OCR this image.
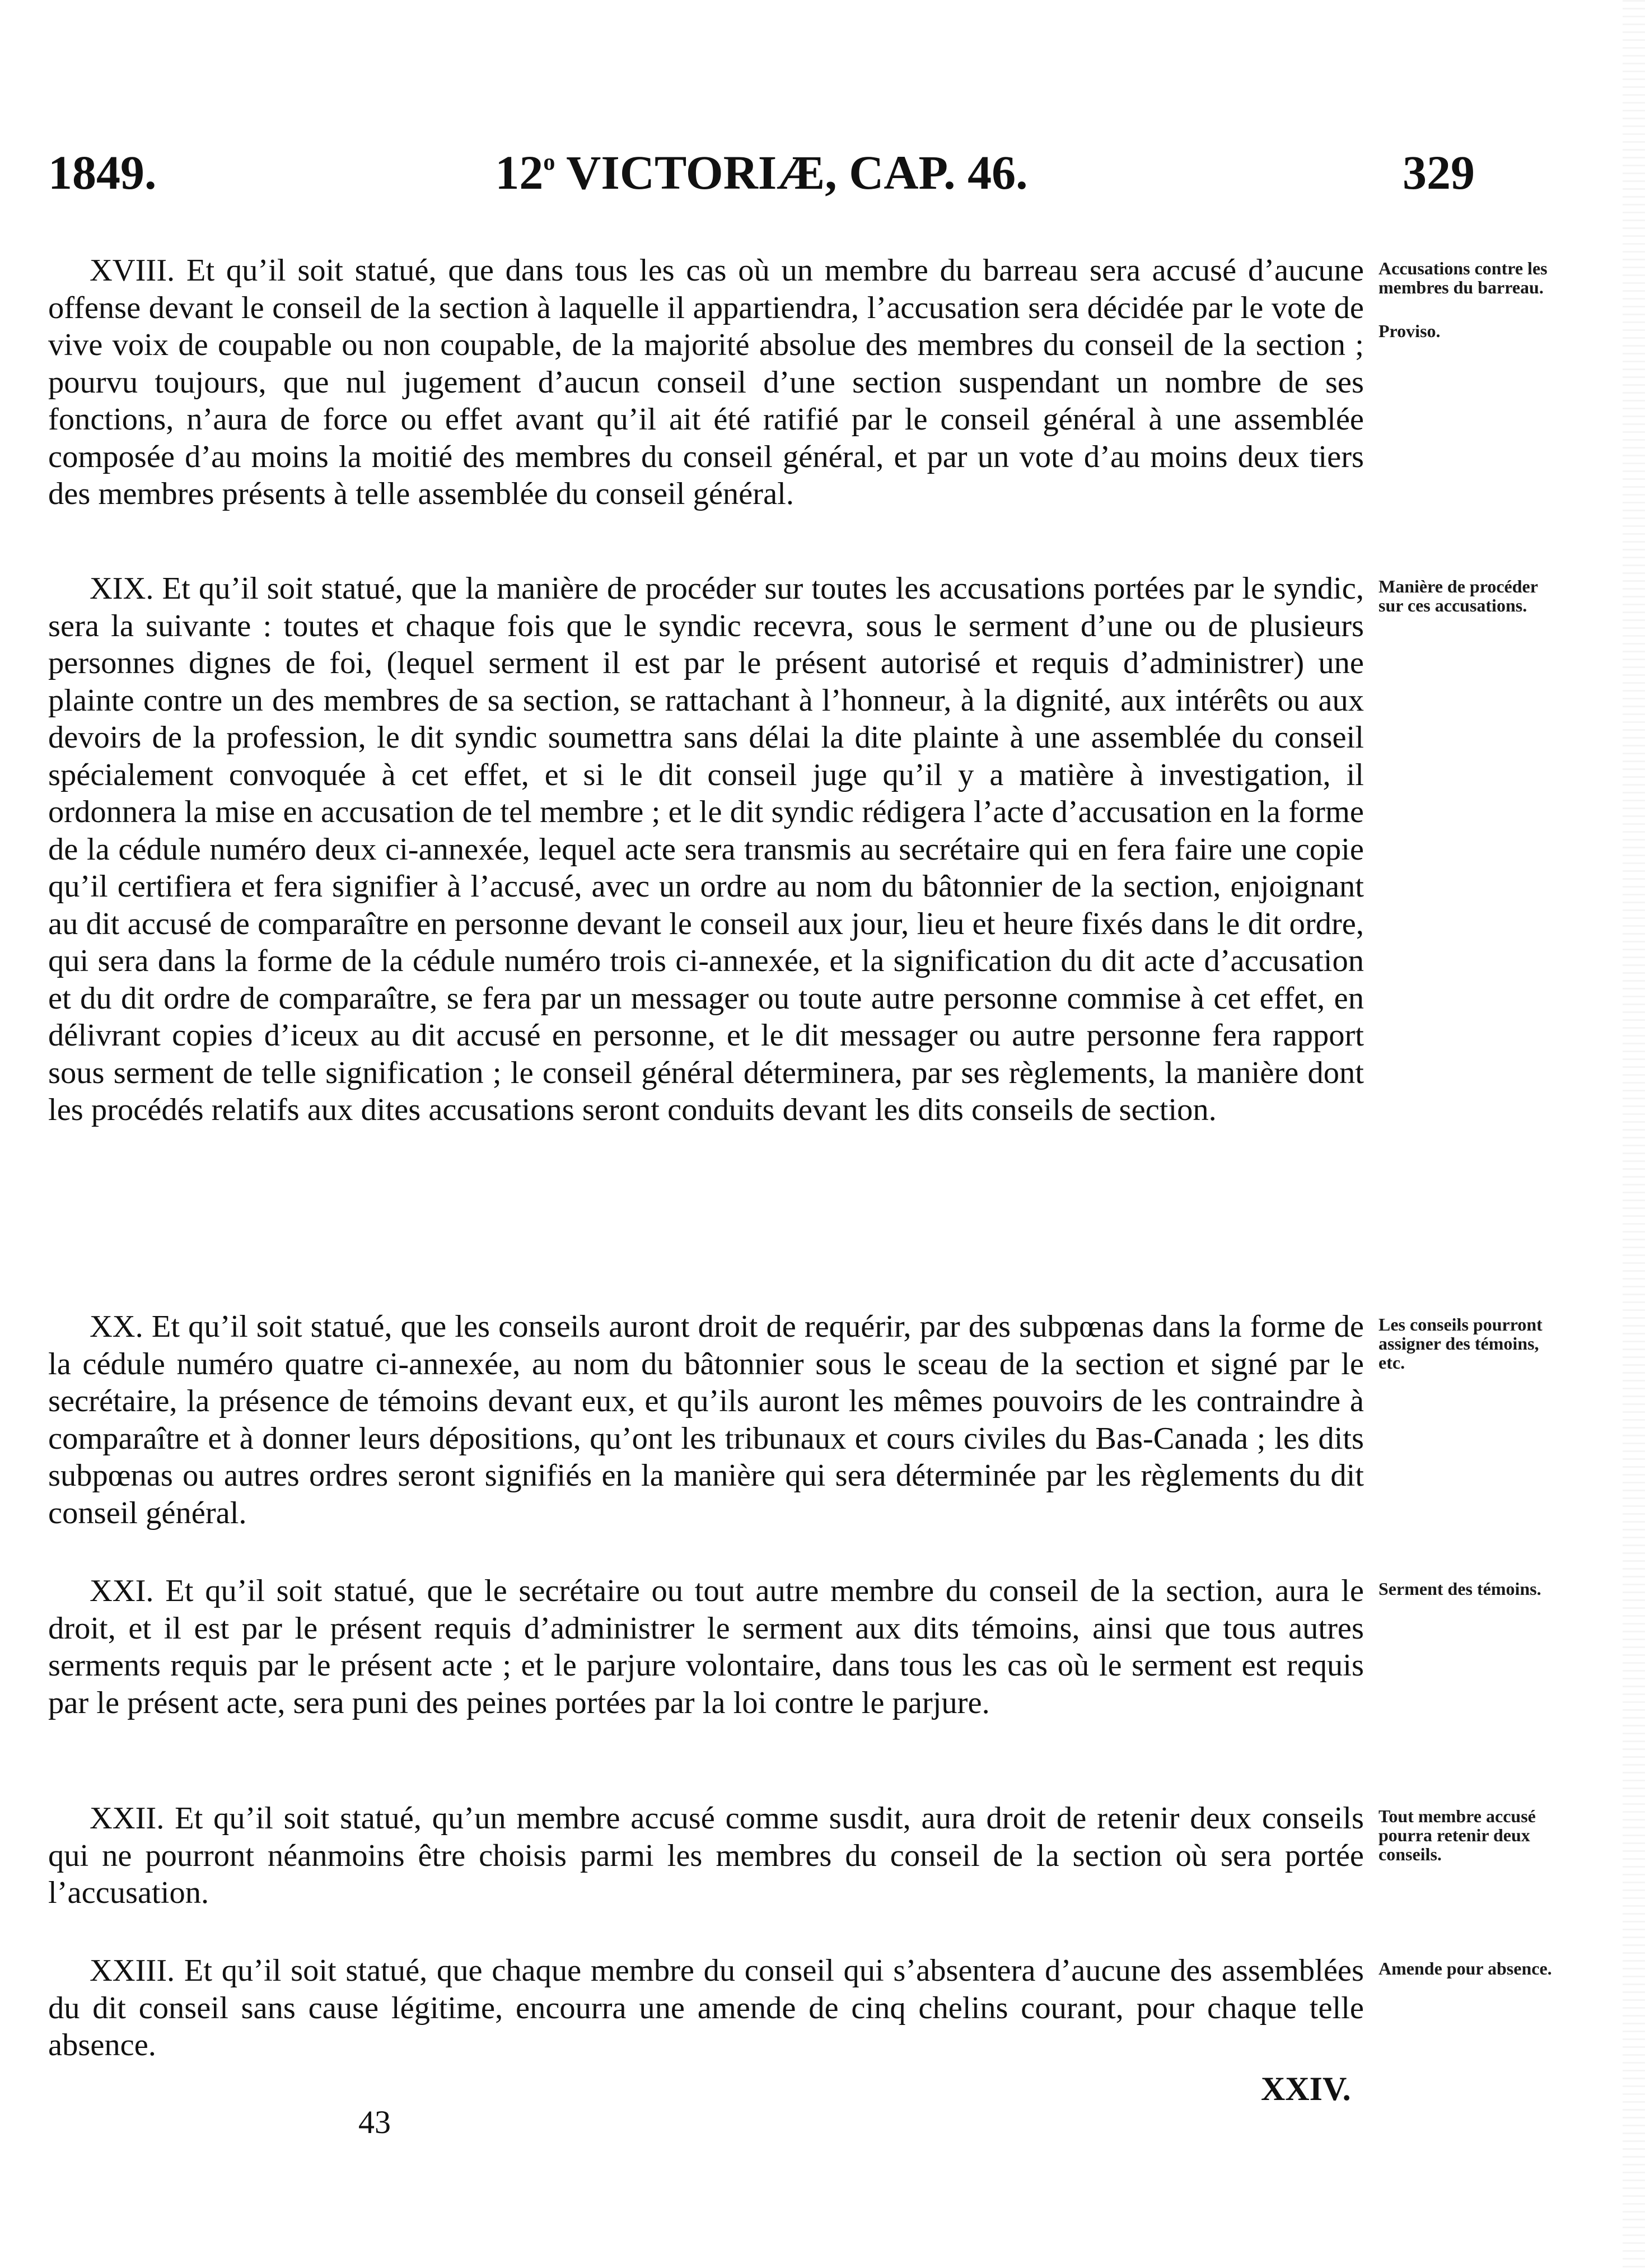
1849.	12$^o$ VICTORIÆ, CAP. 46.	329

XVIII. Et qu’il soit statué, que dans tous les cas où un membre du barreau sera accusé d’aucune offense devant le conseil de la section à laquelle il appartiendra, l’accusation sera décidée par le vote de vive voix de coupable ou non coupable, de la majorité absolue des membres du conseil de la section ; pourvu toujours, que nul jugement d’aucun conseil d’une section suspendant un nombre de ses fonctions, n’aura de force ou effet avant qu’il ait été ratifié par le conseil général à une assemblée composée d’au moins la moitié des membres du conseil général, et par un vote d’au moins deux tiers des membres présents à telle assemblée du conseil général.

Accusations contre les membres du barreau.

Proviso.

XIX. Et qu’il soit statué, que la manière de procéder sur toutes les accusations portées par le syndic, sera la suivante : toutes et chaque fois que le syndic recevra, sous le serment d’une ou de plusieurs personnes dignes de foi, (lequel serment il est par le présent autorisé et requis d’administrer) une plainte contre un des membres de sa section, se rattachant à l’honneur, à la dignité, aux intérêts ou aux devoirs de la profession, le dit syndic soumettra sans délai la dite plainte à une assemblée du conseil spécialement convoquée à cet effet, et si le dit conseil juge qu’il y a matière à investigation, il ordonnera la mise en accusation de tel membre ; et le dit syndic rédigera l’acte d’accusation en la forme de la cédule numéro deux ci-annexée, lequel acte sera transmis au secrétaire qui en fera faire une copie qu’il certifiera et fera signifier à l’accusé, avec un ordre au nom du bâtonnier de la section, enjoignant au dit accusé de comparaître en personne devant le conseil aux jour, lieu et heure fixés dans le dit ordre, qui sera dans la forme de la cédule numéro trois ci-annexée, et la signification du dit acte d’accusation et du dit ordre de comparaître, se fera par un messager ou toute autre personne commise à cet effet, en délivrant copies d’iceux au dit accusé en personne, et le dit messager ou autre personne fera rapport sous serment de telle signification ; le conseil général déterminera, par ses règlements, la manière dont les procédés relatifs aux dites accusations seront conduits devant les dits conseils de section.

Manière de procéder sur ces accusations.

XX. Et qu’il soit statué, que les conseils auront droit de requérir, par des subpœnas dans la forme de la cédule numéro quatre ci-annexée, au nom du bâtonnier sous le sceau de la section et signé par le secrétaire, la présence de témoins devant eux, et qu’ils auront les mêmes pouvoirs de les contraindre à comparaître et à donner leurs dépositions, qu’ont les tribunaux et cours civiles du Bas-Canada ; les dits subpœnas ou autres ordres seront signifiés en la manière qui sera déterminée par les règlements du dit conseil général.

Les conseils pourront assigner des témoins, etc.

XXI. Et qu’il soit statué, que le secrétaire ou tout autre membre du conseil de la section, aura le droit, et il est par le présent requis d’administrer le serment aux dits témoins, ainsi que tous autres serments requis par le présent acte ; et le parjure volontaire, dans tous les cas où le serment est requis par le présent acte, sera puni des peines portées par la loi contre le parjure.

Serment des témoins.

XXII. Et qu’il soit statué, qu’un membre accusé comme susdit, aura droit de retenir deux conseils qui ne pourront néanmoins être choisis parmi les membres du conseil de la section où sera portée l’accusation.

Tout membre accusé pourra retenir deux conseils.

XXIII. Et qu’il soit statué, que chaque membre du conseil qui s’absentera d’aucune des assemblées du dit conseil sans cause légitime, encourra une amende de cinq chelins courant, pour chaque telle absence.

Amende pour absence.

XXIV.
43
